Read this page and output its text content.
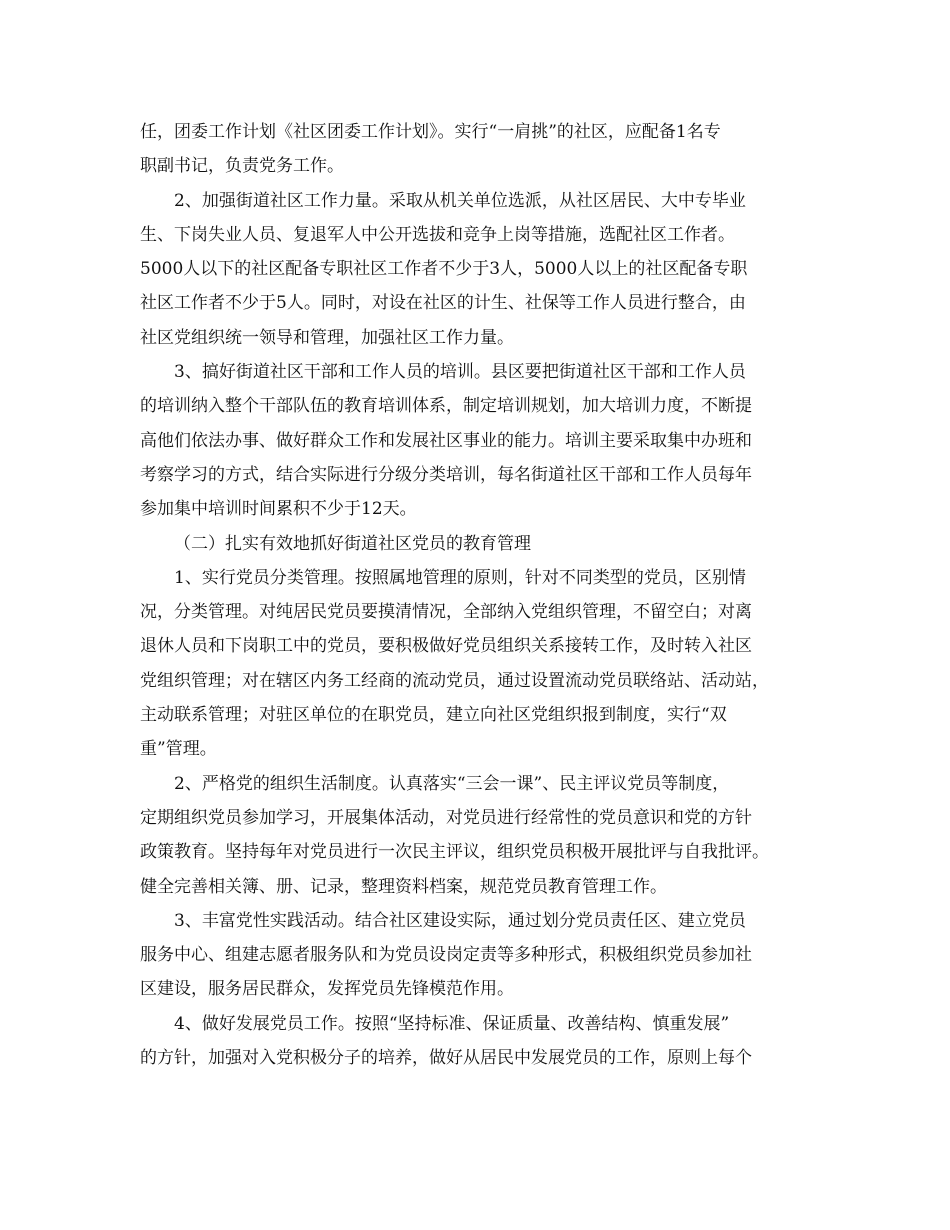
任，团委工作计划《社区团委工作计划》。实行“一肩挑”的社区，应配备1名专
职副书记，负责党务工作。
2、加强街道社区工作力量。采取从机关单位选派，从社区居民、大中专毕业
生、下岗失业人员、复退军人中公开选拔和竞争上岗等措施，选配社区工作者。
5000人以下的社区配备专职社区工作者不少于3人，5000人以上的社区配备专职
社区工作者不少于5人。同时，对设在社区的计生、社保等工作人员进行整合，由
社区党组织统一领导和管理，加强社区工作力量。
3、搞好街道社区干部和工作人员的培训。县区要把街道社区干部和工作人员
的培训纳入整个干部队伍的教育培训体系，制定培训规划，加大培训力度，不断提
高他们依法办事、做好群众工作和发展社区事业的能力。培训主要采取集中办班和
考察学习的方式，结合实际进行分级分类培训，每名街道社区干部和工作人员每年
参加集中培训时间累积不少于12天。
（二）扎实有效地抓好街道社区党员的教育管理
1、实行党员分类管理。按照属地管理的原则，针对不同类型的党员，区别情
况，分类管理。对纯居民党员要摸清情况，全部纳入党组织管理，不留空白；对离
退休人员和下岗职工中的党员，要积极做好党员组织关系接转工作，及时转入社区
党组织管理；对在辖区内务工经商的流动党员，通过设置流动党员联络站、活动站，
主动联系管理；对驻区单位的在职党员，建立向社区党组织报到制度，实行“双
重”管理。
2、严格党的组织生活制度。认真落实“三会一课”、民主评议党员等制度，
定期组织党员参加学习，开展集体活动，对党员进行经常性的党员意识和党的方针
政策教育。坚持每年对党员进行一次民主评议，组织党员积极开展批评与自我批评。
健全完善相关簿、册、记录，整理资料档案，规范党员教育管理工作。
3、丰富党性实践活动。结合社区建设实际，通过划分党员责任区、建立党员
服务中心、组建志愿者服务队和为党员设岗定责等多种形式，积极组织党员参加社
区建设，服务居民群众，发挥党员先锋模范作用。
4、做好发展党员工作。按照“坚持标准、保证质量、改善结构、慎重发展”
的方针，加强对入党积极分子的培养，做好从居民中发展党员的工作，原则上每个
